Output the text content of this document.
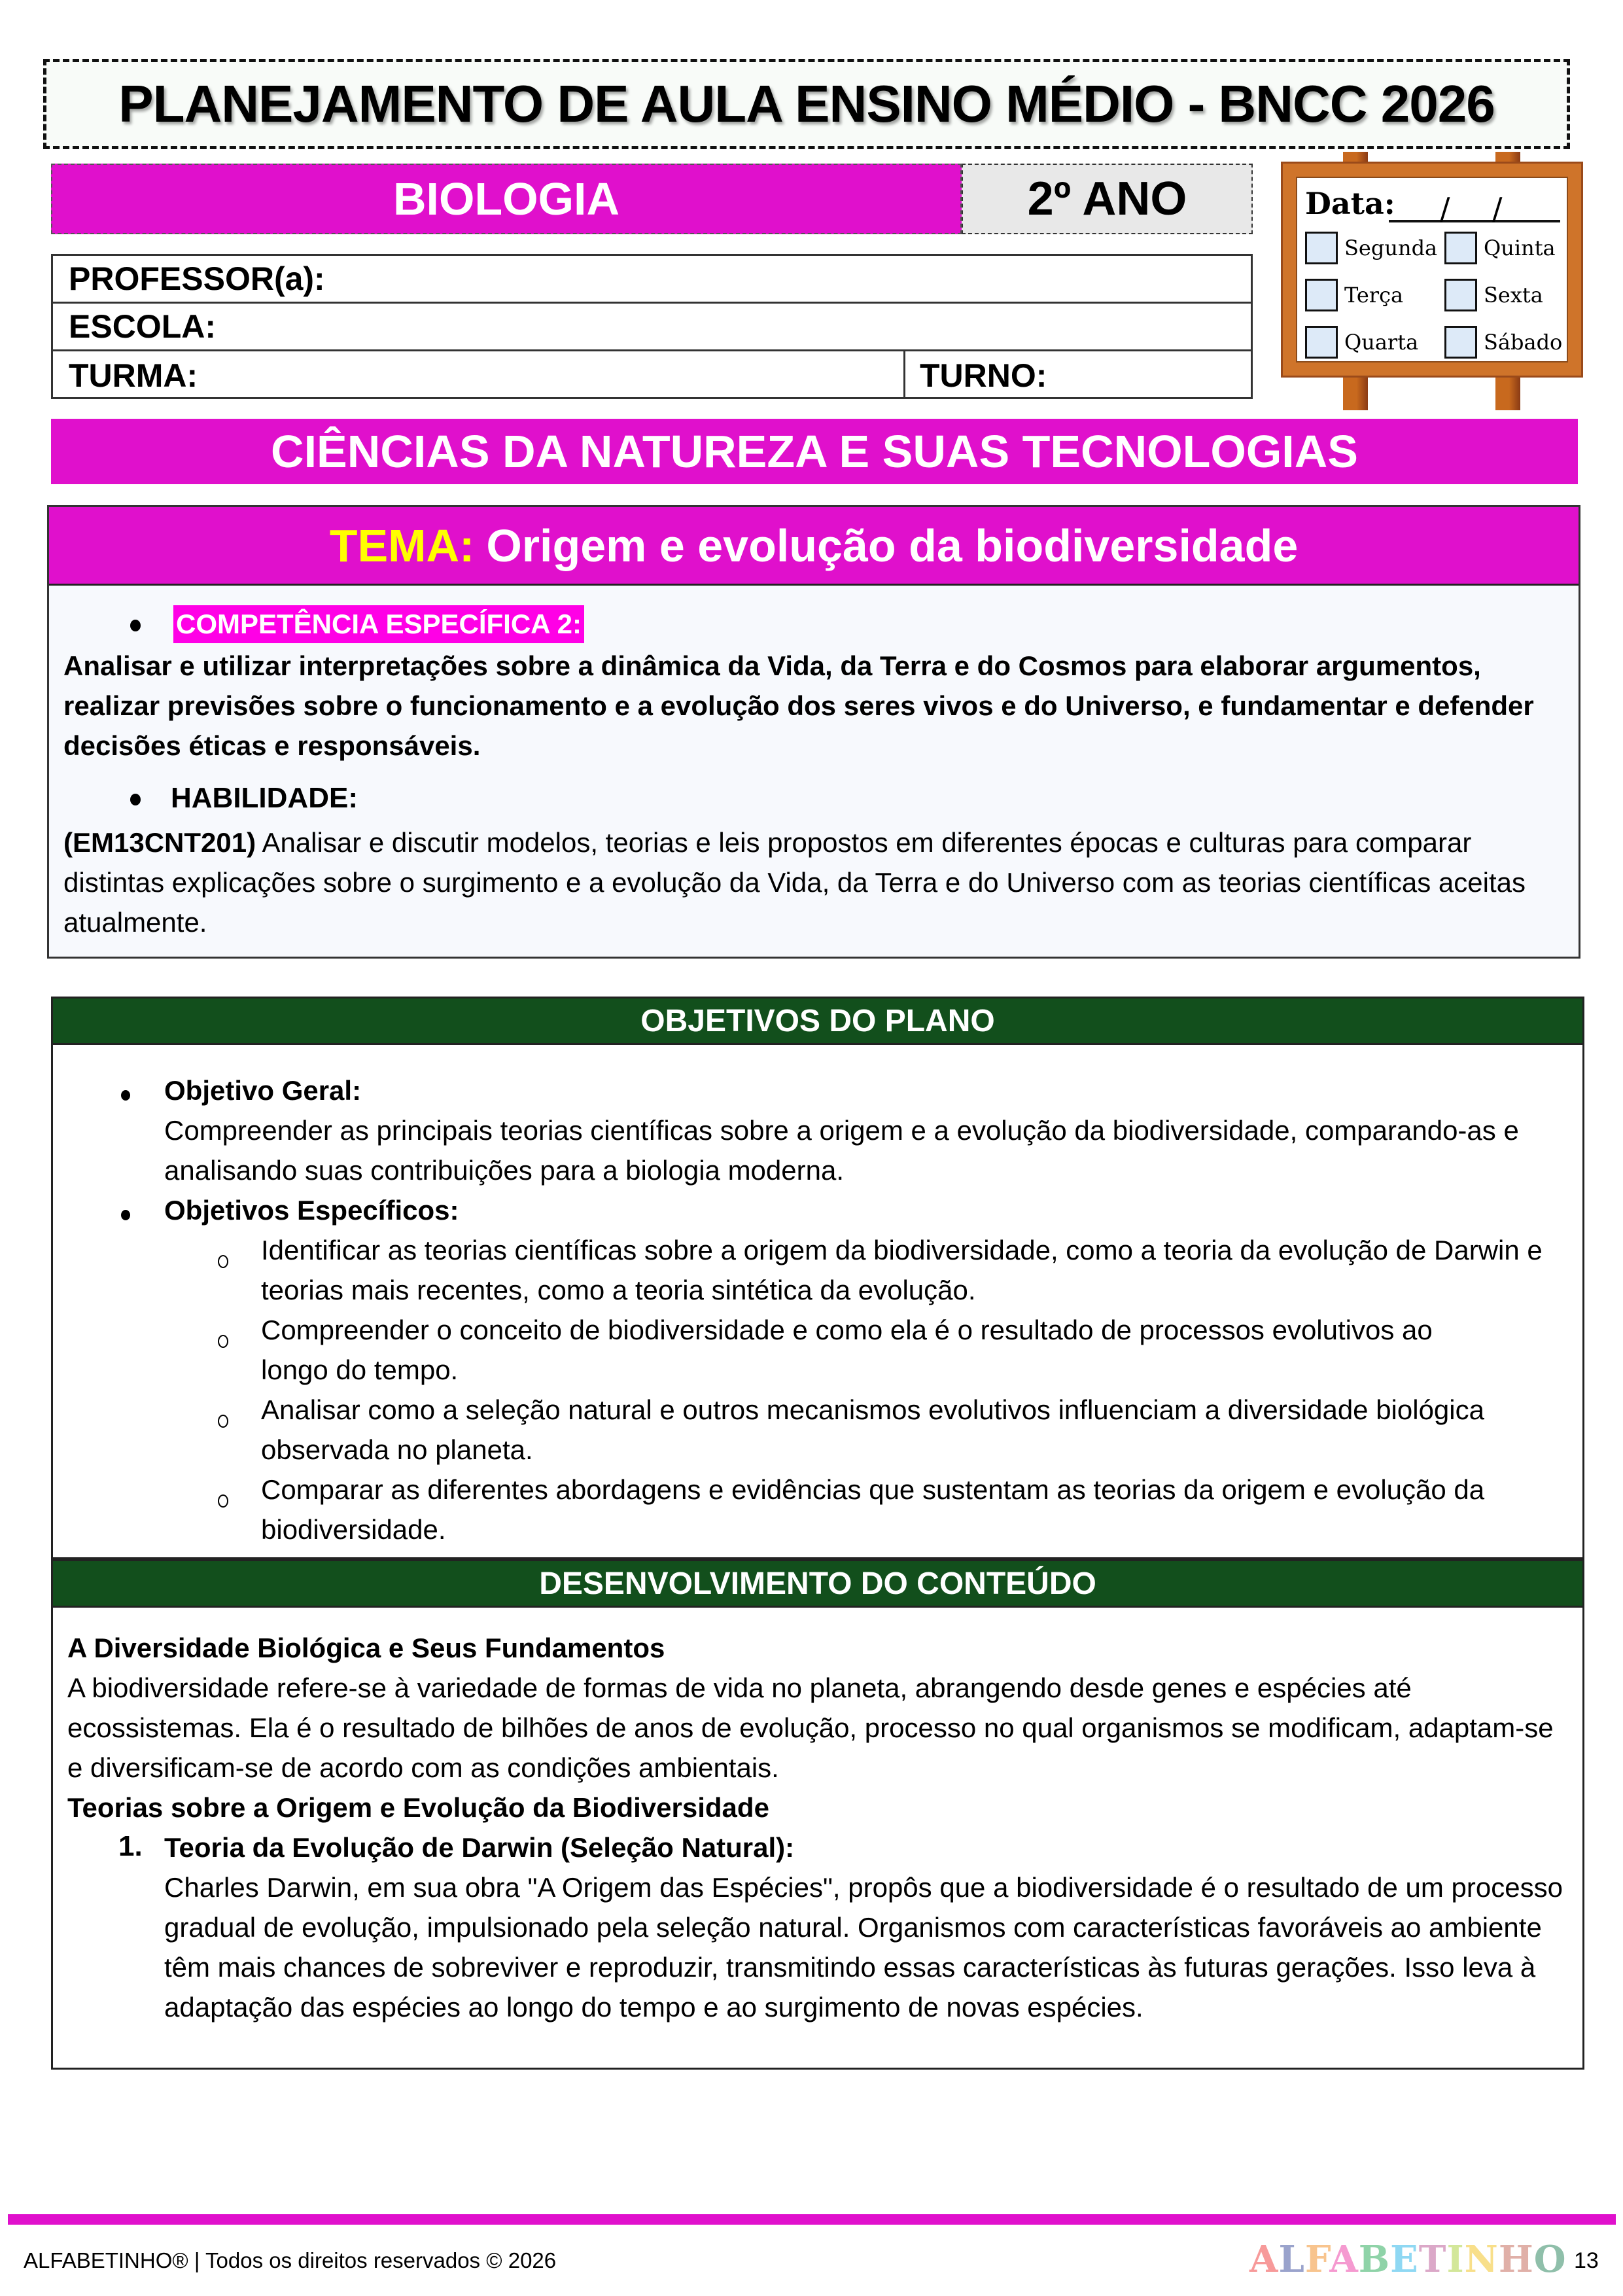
PLANEJAMENTO DE AULA ENSINO MÉDIO - BNCC 2026
BIOLOGIA	2º ANO
PROFESSOR(a):
ESCOLA:
TURMA:	TURNO:
Data: / /
Segunda Quinta
Terça	Sexta
Quarta	Sábado
CIÊNCIAS DA NATUREZA E SUAS TECNOLOGIAS
TEMA: Origem e evolução da biodiversidade
COMPETÊNCIA ESPECÍFICA 2:
Analisar e utilizar interpretações sobre a dinâmica da Vida, da Terra e do Cosmos para elaborar argumentos, realizar previsões sobre o funcionamento e a evolução dos seres vivos e do Universo, e fundamentar e defender decisões éticas e responsáveis.
HABILIDADE:
(EM13CNT201) Analisar e discutir modelos, teorias e leis propostos em diferentes épocas e culturas para comparar distintas explicações sobre o surgimento e a evolução da Vida, da Terra e do Universo com as teorias científicas aceitas atualmente.
OBJETIVOS DO PLANO
Objetivo Geral:
Compreender as principais teorias científicas sobre a origem e a evolução da biodiversidade, comparando-as e analisando suas contribuições para a biologia moderna.
Objetivos Específicos:
Identificar as teorias científicas sobre a origem da biodiversidade, como a teoria da evolução de Darwin e teorias mais recentes, como a teoria sintética da evolução.
Compreender o conceito de biodiversidade e como ela é o resultado de processos evolutivos ao longo do tempo.
Analisar como a seleção natural e outros mecanismos evolutivos influenciam a diversidade biológica observada no planeta.
Comparar as diferentes abordagens e evidências que sustentam as teorias da origem e evolução da biodiversidade.
DESENVOLVIMENTO DO CONTEÚDO
A Diversidade Biológica e Seus Fundamentos
A biodiversidade refere-se à variedade de formas de vida no planeta, abrangendo desde genes e espécies até ecossistemas. Ela é o resultado de bilhões de anos de evolução, processo no qual organismos se modificam, adaptam-se e diversificam-se de acordo com as condições ambientais.
Teorias sobre a Origem e Evolução da Biodiversidade
1. Teoria da Evolução de Darwin (Seleção Natural):
Charles Darwin, em sua obra "A Origem das Espécies", propôs que a biodiversidade é o resultado de um processo gradual de evolução, impulsionado pela seleção natural. Organismos com características favoráveis ao ambiente têm mais chances de sobreviver e reproduzir, transmitindo essas características às futuras gerações. Isso leva à adaptação das espécies ao longo do tempo e ao surgimento de novas espécies.
ALFABETINHO® | Todos os direitos reservados © 2026	ALFABETINHO 13
